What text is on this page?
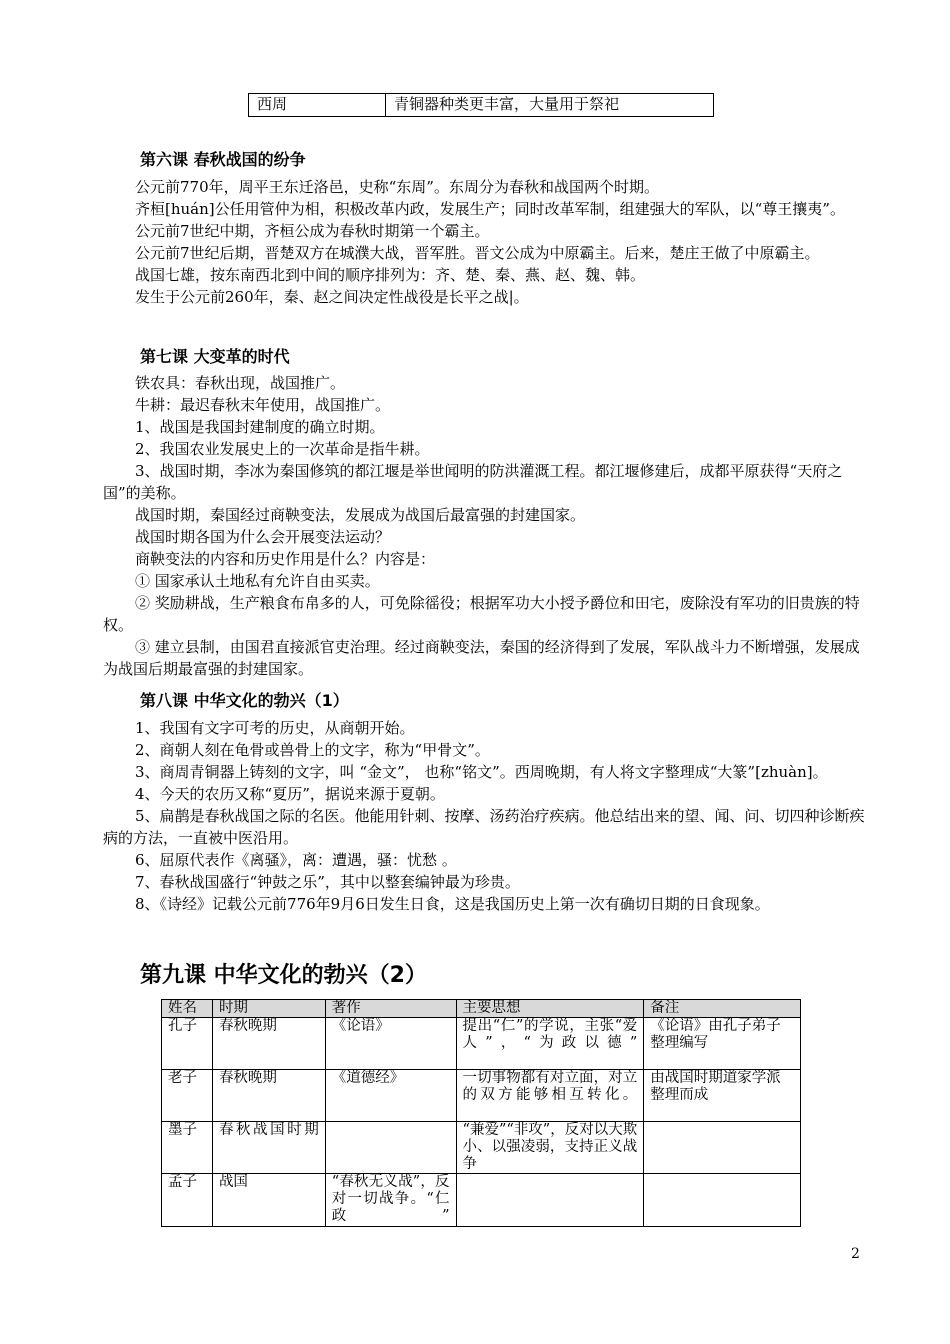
西周	青铜器种类更丰富，大量用于祭祀
第六课 春秋战国的纷争

公元前770年，周平王东迁洛邑，史称“东周”。东周分为春秋和战国两个时期。

齐桓[huán]公任用管仲为相，积极改革内政，发展生产；同时改革军制，组建强大的军队，以“尊王攘夷”。

公元前7世纪中期，齐桓公成为春秋时期第一个霸主。

公元前7世纪后期，晋楚双方在城濮大战，晋军胜。晋文公成为中原霸主。后来，楚庄王做了中原霸主。

战国七雄，按东南西北到中间的顺序排列为：齐、楚、秦、燕、赵、魏、韩。

发生于公元前260年，秦、赵之间决定性战役是长平之战|。

第七课 大变革的时代

铁农具：春秋出现，战国推广。

牛耕：最迟春秋末年使用，战国推广。

1、战国是我国封建制度的确立时期。

2、我国农业发展史上的一次革命是指牛耕。

3、战国时期，李冰为秦国修筑的都江堰是举世闻明的防洪灌溉工程。都江堰修建后，成都平原获得“天府之国”的美称。

战国时期，秦国经过商鞅变法，发展成为战国后最富强的封建国家。

战国时期各国为什么会开展变法运动？

商鞅变法的内容和历史作用是什么？内容是：

① 国家承认土地私有允许自由买卖。

② 奖励耕战，生产粮食布帛多的人，可免除徭役；根据军功大小授予爵位和田宅，废除没有军功的旧贵族的特权。

③ 建立县制，由国君直接派官吏治理。经过商鞅变法，秦国的经济得到了发展，军队战斗力不断增强，发展成为战国后期最富强的封建国家。

第八课 中华文化的勃兴（1）

1、我国有文字可考的历史，从商朝开始。

2、商朝人刻在龟骨或兽骨上的文字，称为“甲骨文”。

3、商周青铜器上铸刻的文字，叫 “金文”， 也称“铭文”。西周晚期，有人将文字整理成“大篆”[zhuàn]。

4、今天的农历又称“夏历”，据说来源于夏朝。

5、扁鹊是春秋战国之际的名医。他能用针刺、按摩、汤药治疗疾病。他总结出来的望、闻、问、切四种诊断疾病的方法，一直被中医沿用。

6、屈原代表作《离骚》，离：遭遇，骚：忧愁 。

7、春秋战国盛行“钟鼓之乐”，其中以整套编钟最为珍贵。

8、《诗经》记载公元前776年9月6日发生日食，这是我国历史上第一次有确切日期的日食现象。

第九课 中华文化的勃兴（2）
姓名	时期	著作	主要思想	备注
孔子	春秋晚期	《论语》	提出“仁”的学说，主张“爱人”，“为政以德”	《论语》由孔子弟子整理编写
老子	春秋晚期	《道德经》	一切事物都有对立面，对立的双方能够相互转化。	由战国时期道家学派整理而成
墨子	春秋战国时期		“兼爱”“非攻”，反对以大欺小、以强凌弱，支持正义战争	
孟子	战国	“春秋无义战”，反对一切战争。“仁政”		
2
